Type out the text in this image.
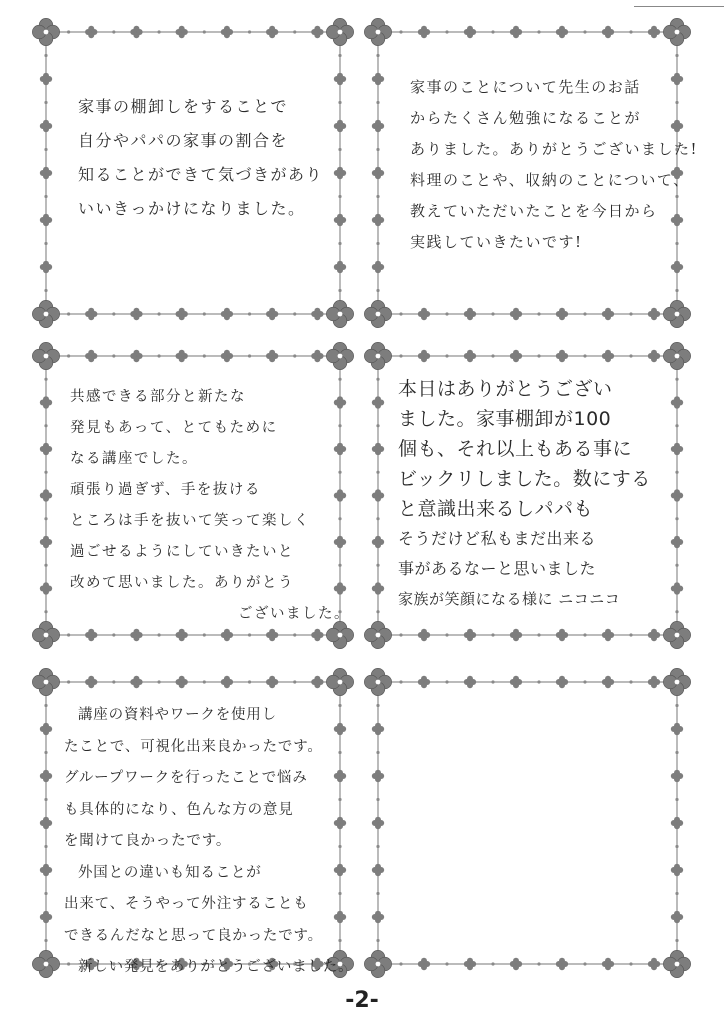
家事の棚卸しをすることで
自分やパパの家事の割合を
知ることができて気づきがあり
いいきっかけになりました。
家事のことについて先生のお話
からたくさん勉強になることが
ありました。ありがとうございました!
料理のことや、収納のことについて、
教えていただいたことを今日から
実践していきたいです!
共感できる部分と新たな
発見もあって、とてもために
なる講座でした。
頑張り過ぎず、手を抜ける
ところは手を抜いて笑って楽しく
過ごせるようにしていきたいと
改めて思いました。ありがとう
ございました。
本日はありがとうござい
ました。家事棚卸が100
個も、それ以上もある事に
ビックリしました。数にする
と意識出来るしパパも
そうだけど私もまだ出来る
事があるなーと思いました
家族が笑顔になる様に ニコニコ
講座の資料やワークを使用し
たことで、可視化出来良かったです。
グループワークを行ったことで悩み
も具体的になり、色んな方の意見
を聞けて良かったです。
外国との違いも知ることが
出来て、そうやって外注することも
できるんだなと思って良かったです。
新しい発見をありがとうございました。
-2-
